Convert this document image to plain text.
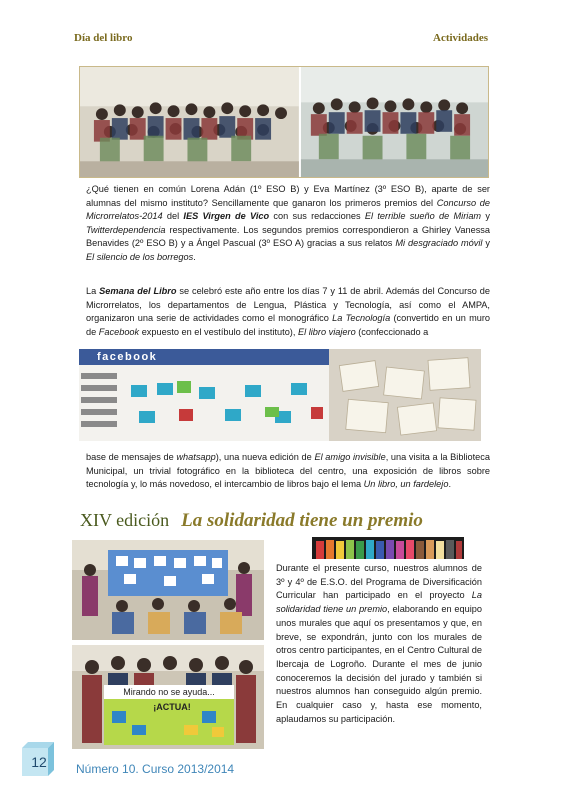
Día del libro	Actividades
¿Qué tienen en común Lorena Adán (1º ESO B) y Eva Martínez (3º ESO B), aparte de ser alumnas del mismo instituto? Sencillamente que ganaron los primeros premios del Concurso de Microrrelatos-2014 del IES Virgen de Vico con sus redacciones El terrible sueño de Miriam y Twitterdependencia respectivamente. Los segundos premios correspondieron a Ghirley Vanessa Benavides (2º ESO B) y a Ángel Pascual (3º ESO A) gracias a sus relatos Mi desgraciado móvil y El silencio de los borregos.
La Semana del Libro se celebró este año entre los días 7 y 11 de abril. Además del Concurso de Microrrelatos, los departamentos de Lengua, Plástica y Tecnología, así como el AMPA, organizaron una serie de actividades como el monográfico La Tecnología (convertido en un muro de Facebook expuesto en el vestíbulo del instituto), El libro viajero (confeccionado a
facebook
base de mensajes de whatsapp), una nueva edición de El amigo invisible, una visita a la Biblioteca Municipal, un trivial fotográfico en la biblioteca del centro, una exposición de libros sobre tecnología y, lo más novedoso, el intercambio de libros bajo el lema Un libro, un fardelejo.
XIV edición La solidaridad tiene un premio
Mirando no se ayuda...
¡ACTUA!
Durante el presente curso, nuestros alumnos de 3º y 4º de E.S.O. del Programa de Diversificación Curricular han participado en el proyecto La solidaridad tiene un premio, elaborando en equipo unos murales que aquí os presentamos y que, en breve, se expondrán, junto con los murales de otros centro participantes, en el Centro Cultural de Ibercaja de Logroño. Durante el mes de junio conoceremos la decisión del jurado y también si nuestros alumnos han conseguido algún premio. En cualquier caso y, hasta ese momento, aplaudamos su participación.
12	Número 10. Curso 2013/2014
